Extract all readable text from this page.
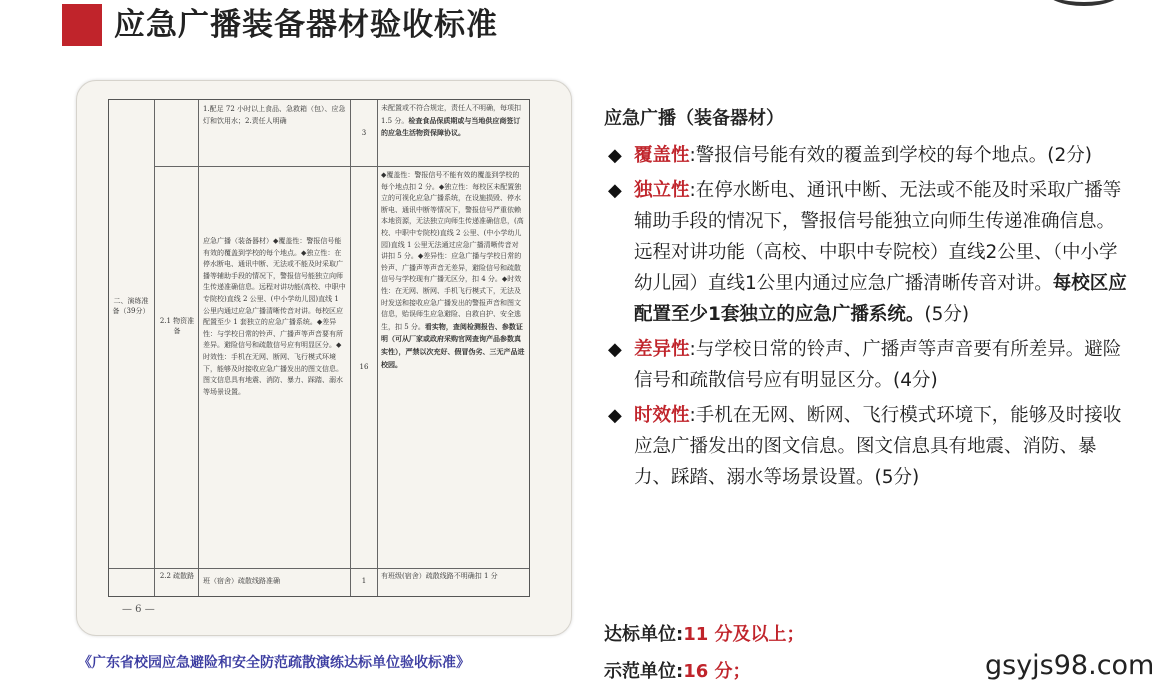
应急广播装备器材验收标准
二、演练准备（39分）
2.1 物资准备
2.2 疏散路
1.配足 72 小时以上食品、急救箱（包）、应急灯和饮用水；2.责任人明确
3
未配置或不符合规定，责任人不明确，每项扣 1.5 分。检查食品保质期或与当地供应商签订的应急生活物资保障协议。
应急广播（装备器材）◆覆盖性：警报信号能有效的覆盖到学校的每个地点。◆独立性：在停水断电、通讯中断、无法或不能及时采取广播等辅助手段的情况下，警报信号能独立向师生传递准确信息。远程对讲功能(高校、中职中专院校)直线 2 公里、(中小学幼儿园)直线 1 公里内通过应急广播清晰传音对讲。每校区应配置至少 1 套独立的应急广播系统。◆差异性：与学校日常的铃声、广播声等声音要有所差异。避险信号和疏散信号应有明显区分。◆时效性：手机在无网、断网、飞行模式环境下，能够及时接收应急广播发出的图文信息。图文信息具有地震、消防、暴力、踩踏、溺水等场景设置。
16
◆覆盖性：警报信号不能有效的覆盖到学校的每个地点扣 2 分。◆独立性：每校区未配置独立的可视化应急广播系统，在设施损毁、停水断电、通讯中断等情况下，警报信号严重依赖本地资源，无法独立向师生传递准确信息，(高校、中职中专院校)直线 2 公里、(中小学幼儿园)直线 1 公里无法通过应急广播清晰传音对讲扣 5 分。◆差异性：应急广播与学校日常的铃声、广播声等声音无差异，避险信号和疏散信号与学校现有广播无区分，扣 4 分。◆时效性：在无网、断网、手机飞行模式下，无法及时发送和接收应急广播发出的警报声音和图文信息，贻误师生应急避险、自救自护、安全逃生，扣 5 分。看实物，查阅检测报告、参数证明（可从厂家或政府采购官网查询产品参数真实性），严禁以次充好、假冒伪劣、三无产品进校园。
班（宿舍）疏散线路准确	1
有班级(宿舍）疏散线路不明确扣 1 分
— 6 —
《广东省校园应急避险和安全防范疏散演练达标单位验收标准》
应急广播（装备器材）
◆ 覆盖性:警报信号能有效的覆盖到学校的每个地点。(2分)
◆ 独立性:在停水断电、通讯中断、无法或不能及时采取广播等辅助手段的情况下，警报信号能独立向师生传递准确信息。远程对讲功能（高校、中职中专院校）直线2公里、（中小学幼儿园）直线1公里内通过应急广播清晰传音对讲。每校区应配置至少1套独立的应急广播系统。(5分)
◆ 差异性:与学校日常的铃声、广播声等声音要有所差异。避险信号和疏散信号应有明显区分。(4分)
◆ 时效性:手机在无网、断网、飞行模式环境下，能够及时接收应急广播发出的图文信息。图文信息具有地震、消防、暴力、踩踏、溺水等场景设置。(5分)
达标单位:11 分及以上；
示范单位:16 分；	gsyjs98.com
